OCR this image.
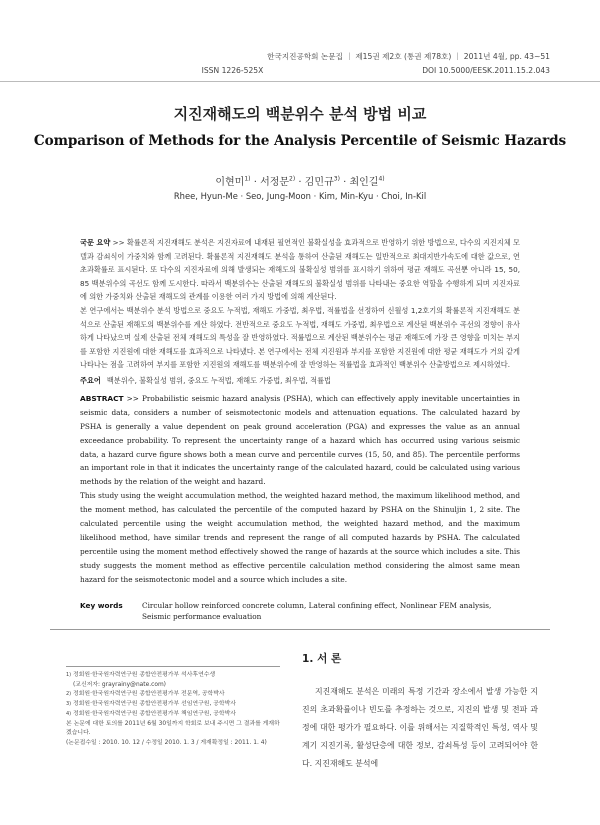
한국지진공학회 논문집 ｜ 제15권 제2호 (통권 제78호) ｜ 2011년 4월, pp. 43~51
ISSN 1226-525X	DOI 10.5000/EESK.2011.15.2.043
지진재해도의 백분위수 분석 방법 비교
Comparison of Methods for the Analysis Percentile of Seismic Hazards
이현미$^{1)}$ · 서정문$^{2)}$ · 김민규$^{3)}$ · 최인길$^{4)}$
Rhee, Hyun-Me · Seo, Jung-Moon · Kim, Min-Kyu · Choi, In-Kil

국문 요약 >> 확률론적 지진재해도 분석은 지진자료에 내재된 필연적인 불확실성을 효과적으로 반영하기 위한 방법으로, 다수의 지진지체 모델과 감쇠식이 가중치와 함께 고려된다. 확률론적 지진재해도 분석을 통하여 산출된 재해도는 일반적으로 최대지반가속도에 대한 값으로, 연초과확률로 표시된다. 또 다수의 지진자료에 의해 발생되는 재해도의 불확실성 범위를 표시하기 위하여 평균 재해도 곡선뿐 아니라 15, 50, 85 백분위수의 곡선도 함께 도시한다. 따라서 백분위수는 산출된 재해도의 불확실성 범위를 나타내는 중요한 역할을 수행하게 되며 지진자료에 의한 가중치와 산출된 재해도의 관계를 이용한 여러 가지 방법에 의해 계산된다.

본 연구에서는 백분위수 분석 방법으로 중요도 누적법, 재해도 가중법, 최우법, 적률법을 선정하여 신월성 1,2호기의 확률론적 지진재해도 분석으로 산출된 재해도의 백분위수를 계산 하였다. 전반적으로 중요도 누적법, 재해도 가중법, 최우법으로 계산된 백분위수 곡선의 경향이 유사하게 나타났으며 실제 산출된 전체 재해도의 특성을 잘 반영하였다. 적률법으로 계산된 백분위수는 평균 재해도에 가장 큰 영향을 미치는 부지를 포함한 지진원에 대한 재해도를 효과적으로 나타냈다. 본 연구에서는 전체 지진원과 부지를 포함한 지진원에 대한 평균 재해도가 거의 같게 나타나는 점을 고려하여 부지를 포함한 지진원의 재해도를 백분위수에 잘 반영하는 적률법을 효과적인 백분위수 산출방법으로 제시하였다.

주요어 백분위수, 불확실성 범위, 중요도 누적법, 재해도 가중법, 최우법, 적률법

ABSTRACT >> Probabilistic seismic hazard analysis (PSHA), which can effectively apply inevitable uncertainties in seismic data, considers a number of seismotectonic models and attenuation equations. The calculated hazard by PSHA is generally a value dependent on peak ground acceleration (PGA) and expresses the value as an annual exceedance probability. To represent the uncertainty range of a hazard which has occurred using various seismic data, a hazard curve figure shows both a mean curve and percentile curves (15, 50, and 85). The percentile performs an important role in that it indicates the uncertainty range of the calculated hazard, could be calculated using various methods by the relation of the weight and hazard.

This study using the weight accumulation method, the weighted hazard method, the maximum likelihood method, and the moment method, has calculated the percentile of the computed hazard by PSHA on the Shinuljin 1, 2 site. The calculated percentile using the weight accumulation method, the weighted hazard method, and the maximum likelihood method, have similar trends and represent the range of all computed hazards by PSHA. The calculated percentile using the moment method effectively showed the range of hazards at the source which includes a site. This study suggests the moment method as effective percentile calculation method considering the almost same mean hazard for the seismotectonic model and a source which includes a site.

Key words	Circular hollow reinforced concrete column, Lateral confining effect, Nonlinear FEM analysis, Seismic performance evaluation
1) 정회원·한국원자력연구원 종합안전평가부 석사후연수생
(교신저자: grayrainy@nate.com)
2) 정회원·한국원자력연구원 종합안전평가부 전문역, 공학박사
3) 정회원·한국원자력연구원 종합안전평가부 선임연구원, 공학박사
4) 정회원·한국원자력연구원 종합안전평가부 책임연구원, 공학박사
본 논문에 대한 토의를 2011년 6월 30일까지 학회로 보내 주시면 그 결과를 게재하겠습니다.
(논문접수일 : 2010. 10. 12 / 수정일 2010. 1. 3 / 게재확정일 : 2011. 1. 4)
1. 서 론

지진재해도 분석은 미래의 특정 기간과 장소에서 발생 가능한 지진의 초과확률이나 빈도를 추정하는 것으로, 지진의 발생 및 전파 과정에 대한 평가가 필요하다. 이를 위해서는 지질학적인 특성, 역사 및 계기 지진기록, 활성단층에 대한 정보, 감쇠특성 등이 고려되어야 한다. 지진재해도 분석에
